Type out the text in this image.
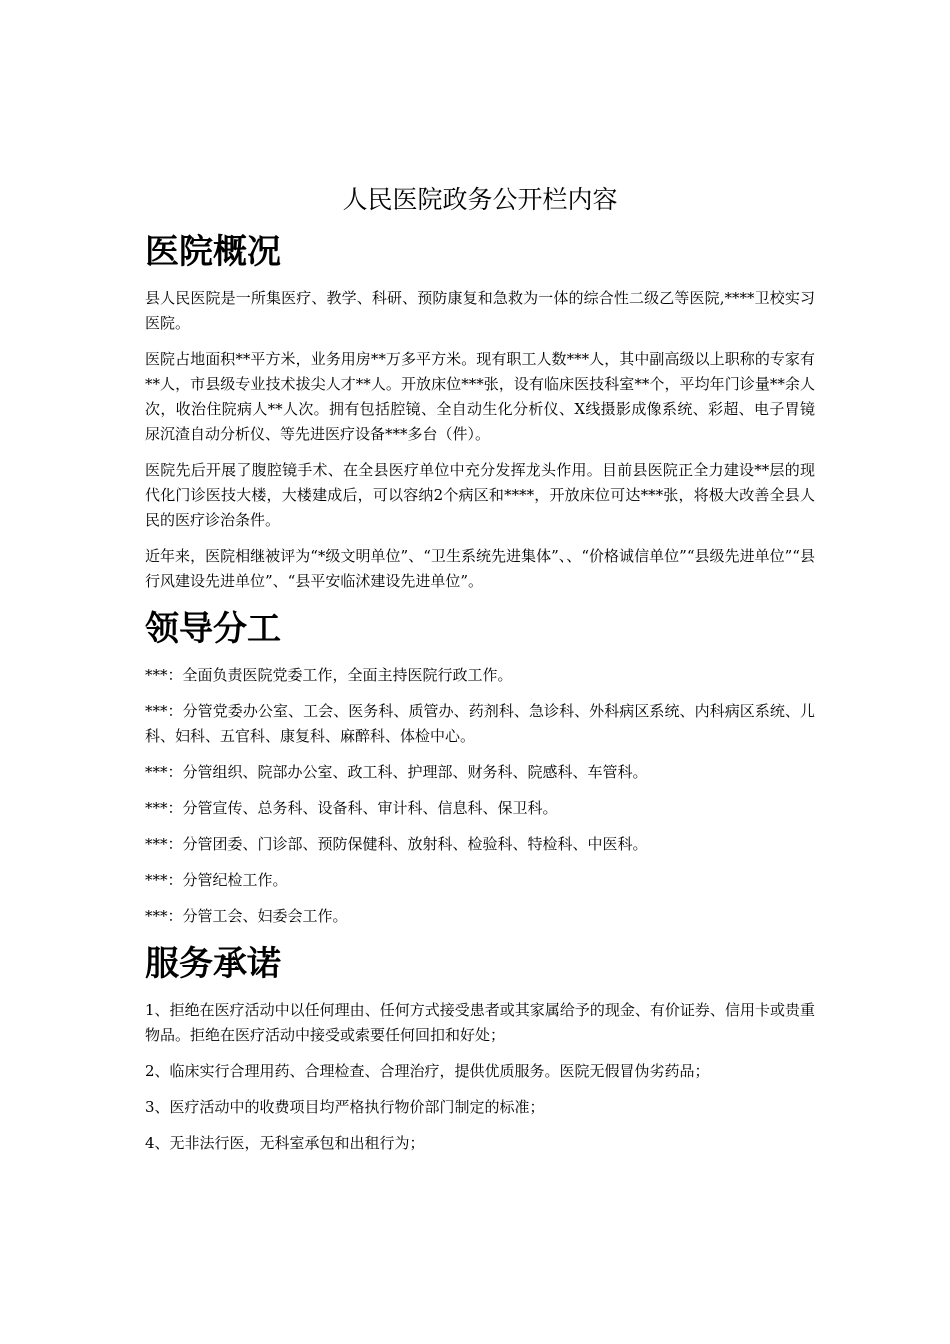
人民医院政务公开栏内容
医院概况

县人民医院是一所集医疗、教学、科研、预防康复和急救为一体的综合性二级乙等医院,****卫校实习医院。

医院占地面积**平方米，业务用房**万多平方米。现有职工人数***人，其中副高级以上职称的专家有**人，市县级专业技术拔尖人才**人。开放床位***张，设有临床医技科室**个，平均年门诊量**余人次，收治住院病人**人次。拥有包括腔镜、全自动生化分析仪、X线摄影成像系统、彩超、电子胃镜尿沉渣自动分析仪、等先进医疗设备***多台（件）。

医院先后开展了腹腔镜手术、在全县医疗单位中充分发挥龙头作用。目前县医院正全力建设**层的现代化门诊医技大楼，大楼建成后，可以容纳2个病区和****，开放床位可达***张，将极大改善全县人民的医疗诊治条件。

近年来，医院相继被评为“*级文明单位”、“卫生系统先进集体”、、“价格诚信单位”“县级先进单位”“县行风建设先进单位”、“县平安临沭建设先进单位”。

领导分工

***：全面负责医院党委工作，全面主持医院行政工作。

***：分管党委办公室、工会、医务科、质管办、药剂科、急诊科、外科病区系统、内科病区系统、儿科、妇科、五官科、康复科、麻醉科、体检中心。

***：分管组织、院部办公室、政工科、护理部、财务科、院感科、车管科。

***：分管宣传、总务科、设备科、审计科、信息科、保卫科。

***：分管团委、门诊部、预防保健科、放射科、检验科、特检科、中医科。

***：分管纪检工作。

***：分管工会、妇委会工作。

服务承诺

1、拒绝在医疗活动中以任何理由、任何方式接受患者或其家属给予的现金、有价证券、信用卡或贵重物品。拒绝在医疗活动中接受或索要任何回扣和好处；

2、临床实行合理用药、合理检查、合理治疗，提供优质服务。医院无假冒伪劣药品；

3、医疗活动中的收费项目均严格执行物价部门制定的标准；

4、无非法行医，无科室承包和出租行为；
